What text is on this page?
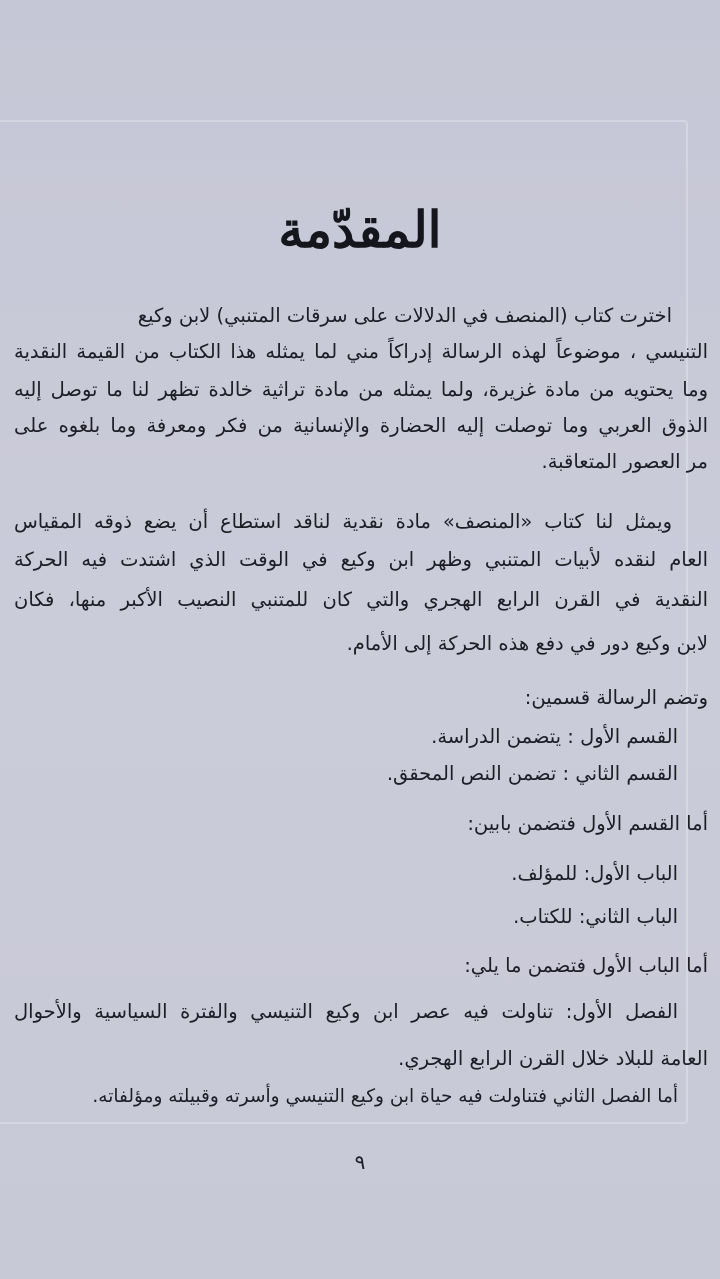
المقدّمة
اخترت كتاب (المنصف في الدلالات على سرقات المتنبي) لابن وكيع
التنيسي ، موضوعاً لهذه الرسالة إدراكاً مني لما يمثله هذا الكتاب من القيمة النقدية
وما يحتويه من مادة غزيرة، ولما يمثله من مادة تراثية خالدة تظهر لنا ما توصل إليه
الذوق العربي وما توصلت إليه الحضارة والإنسانية من فكر ومعرفة وما بلغوه على
مر العصور المتعاقبة.
ويمثل لنا كتاب «المنصف» مادة نقدية لناقد استطاع أن يضع ذوقه المقياس
العام لنقده لأبيات المتنبي وظهر ابن وكيع في الوقت الذي اشتدت فيه الحركة
النقدية في القرن الرابع الهجري والتي كان للمتنبي النصيب الأكبر منها، فكان
لابن وكيع دور في دفع هذه الحركة إلى الأمام.
وتضم الرسالة قسمين:
القسم الأول : يتضمن الدراسة.
القسم الثاني : تضمن النص المحقق.
أما القسم الأول فتضمن بابين:
الباب الأول: للمؤلف.
الباب الثاني: للكتاب.
أما الباب الأول فتضمن ما يلي:
الفصل الأول: تناولت فيه عصر ابن وكيع التنيسي والفترة السياسية والأحوال
العامة للبلاد خلال القرن الرابع الهجري.
أما الفصل الثاني فتناولت فيه حياة ابن وكيع التنيسي وأسرته وقبيلته ومؤلفاته.
٩
